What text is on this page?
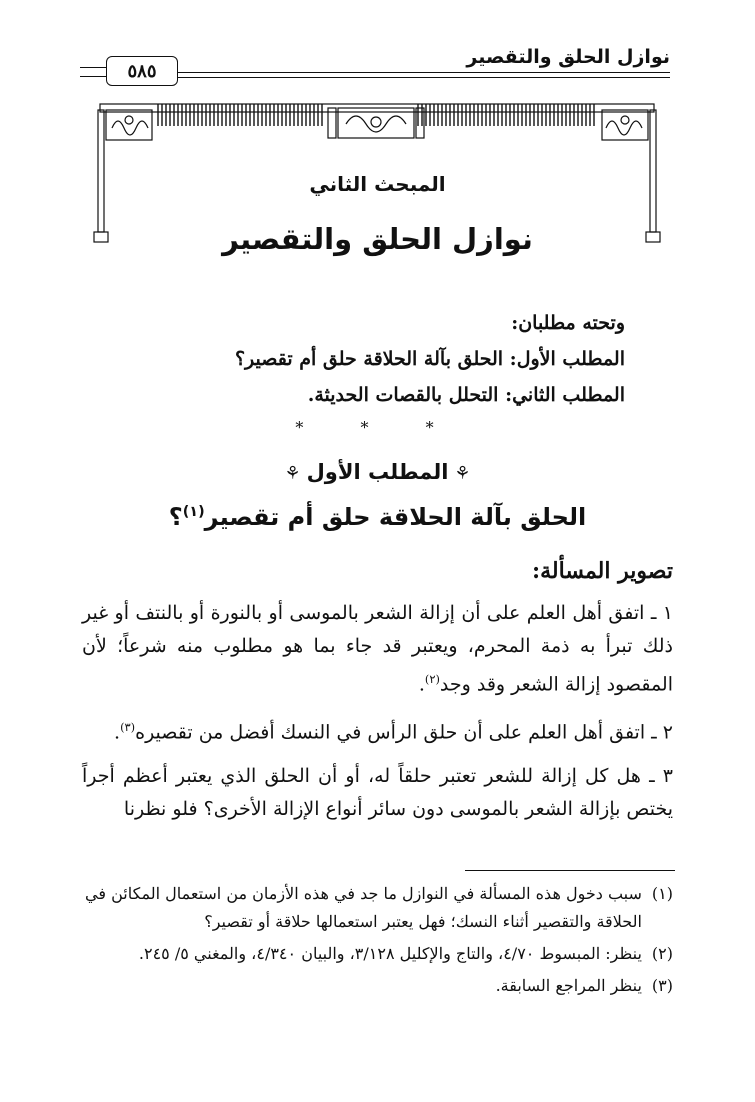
نوازل الحلق والتقصير
٥٨٥
المبحث الثاني
نوازل الحلق والتقصير
وتحته مطلبان:
المطلب الأول: الحلق بآلة الحلاقة حلق أم تقصير؟
المطلب الثاني: التحلل بالقصات الحديثة.
* * *
⚘المطلب الأول⚘
الحلق بآلة الحلاقة حلق أم تقصير$^{(١)}$؟
تصوير المسألة:

١ ـ اتفق أهل العلم على أن إزالة الشعر بالموسى أو بالنورة أو بالنتف أو غير ذلك تبرأ به ذمة المحرم، ويعتبر قد جاء بما هو مطلوب منه شرعاً؛ لأن المقصود إزالة الشعر وقد وجد$^{(٢)}$.

٢ ـ اتفق أهل العلم على أن حلق الرأس في النسك أفضل من تقصيره$^{(٣)}$.

٣ ـ هل كل إزالة للشعر تعتبر حلقاً له، أو أن الحلق الذي يعتبر أعظم أجراً يختص بإزالة الشعر بالموسى دون سائر أنواع الإزالة الأخرى؟ فلو نظرنا

(١)
سبب دخول هذه المسألة في النوازل ما جد في هذه الأزمان من استعمال المكائن في الحلاقة والتقصير أثناء النسك؛ فهل يعتبر استعمالها حلاقة أو تقصير؟
(٢)
ينظر: المبسوط ٤/٧٠، والتاج والإكليل ٣/١٢٨، والبيان ٤/٣٤٠، والمغني ٥/ ٢٤٥.
(٣)
ينظر المراجع السابقة.
